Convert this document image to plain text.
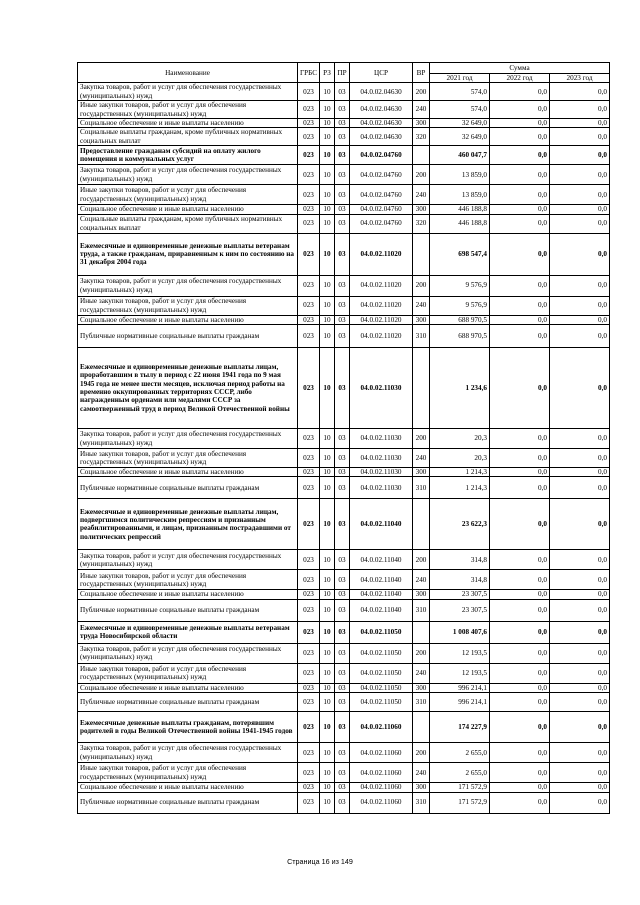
Наименование	ГРБС	РЗ	ПР	ЦСР	ВР	Сумма		
						2021 год	2022 год	2023 год
Закупка товаров, работ и услуг для обеспечения государственных (муниципальных) нужд	023	10	03	04.0.02.04630	200	574,0	0,0	0,0
Иные закупки товаров, работ и услуг для обеспечения государственных (муниципальных) нужд	023	10	03	04.0.02.04630	240	574,0	0,0	0,0
Социальное обеспечение и иные выплаты населению	023	10	03	04.0.02.04630	300	32 649,0	0,0	0,0
Социальные выплаты гражданам, кроме публичных нормативных социальных выплат	023	10	03	04.0.02.04630	320	32 649,0	0,0	0,0
Предоставление гражданам субсидий на оплату жилого помещения и коммунальных услуг	023	10	03	04.0.02.04760		460 047,7	0,0	0,0
Закупка товаров, работ и услуг для обеспечения государственных (муниципальных) нужд	023	10	03	04.0.02.04760	200	13 859,0	0,0	0,0
Иные закупки товаров, работ и услуг для обеспечения государственных (муниципальных) нужд	023	10	03	04.0.02.04760	240	13 859,0	0,0	0,0
Социальное обеспечение и иные выплаты населению	023	10	03	04.0.02.04760	300	446 188,8	0,0	0,0
Социальные выплаты гражданам, кроме публичных нормативных социальных выплат	023	10	03	04.0.02.04760	320	446 188,8	0,0	0,0
Ежемесячные и единовременные денежные выплаты ветеранам труда, а также гражданам, приравненным к ним по состоянию на 31 декабря 2004 года	023	10	03	04.0.02.11020		698 547,4	0,0	0,0
Закупка товаров, работ и услуг для обеспечения государственных (муниципальных) нужд	023	10	03	04.0.02.11020	200	9 576,9	0,0	0,0
Иные закупки товаров, работ и услуг для обеспечения государственных (муниципальных) нужд	023	10	03	04.0.02.11020	240	9 576,9	0,0	0,0
Социальное обеспечение и иные выплаты населению	023	10	03	04.0.02.11020	300	688 970,5	0,0	0,0
Публичные нормативные социальные выплаты гражданам	023	10	03	04.0.02.11020	310	688 970,5	0,0	0,0
Ежемесячные и единовременные денежные выплаты лицам, проработавшим в тылу в период с 22 июня 1941 года по 9 мая 1945 года не менее шести месяцев, исключая период работы на временно оккупированных территориях СССР, либо награжденным орденами или медалями СССР за самоотверженный труд в период Великой Отечественной войны	023	10	03	04.0.02.11030		1 234,6	0,0	0,0
Закупка товаров, работ и услуг для обеспечения государственных (муниципальных) нужд	023	10	03	04.0.02.11030	200	20,3	0,0	0,0
Иные закупки товаров, работ и услуг для обеспечения государственных (муниципальных) нужд	023	10	03	04.0.02.11030	240	20,3	0,0	0,0
Социальное обеспечение и иные выплаты населению	023	10	03	04.0.02.11030	300	1 214,3	0,0	0,0
Публичные нормативные социальные выплаты гражданам	023	10	03	04.0.02.11030	310	1 214,3	0,0	0,0
Ежемесячные и единовременные денежные выплаты лицам, подвергшимся политическим репрессиям и признанным реабилитированными, и лицам, признанным пострадавшими от политических репрессий	023	10	03	04.0.02.11040		23 622,3	0,0	0,0
Закупка товаров, работ и услуг для обеспечения государственных (муниципальных) нужд	023	10	03	04.0.02.11040	200	314,8	0,0	0,0
Иные закупки товаров, работ и услуг для обеспечения государственных (муниципальных) нужд	023	10	03	04.0.02.11040	240	314,8	0,0	0,0
Социальное обеспечение и иные выплаты населению	023	10	03	04.0.02.11040	300	23 307,5	0,0	0,0
Публичные нормативные социальные выплаты гражданам	023	10	03	04.0.02.11040	310	23 307,5	0,0	0,0
Ежемесячные и единовременные денежные выплаты ветеранам труда Новосибирской области	023	10	03	04.0.02.11050		1 008 407,6	0,0	0,0
Закупка товаров, работ и услуг для обеспечения государственных (муниципальных) нужд	023	10	03	04.0.02.11050	200	12 193,5	0,0	0,0
Иные закупки товаров, работ и услуг для обеспечения государственных (муниципальных) нужд	023	10	03	04.0.02.11050	240	12 193,5	0,0	0,0
Социальное обеспечение и иные выплаты населению	023	10	03	04.0.02.11050	300	996 214,1	0,0	0,0
Публичные нормативные социальные выплаты гражданам	023	10	03	04.0.02.11050	310	996 214,1	0,0	0,0
Ежемесячные денежные выплаты гражданам, потерявшим родителей в годы Великой Отечественной войны 1941-1945 годов	023	10	03	04.0.02.11060		174 227,9	0,0	0,0
Закупка товаров, работ и услуг для обеспечения государственных (муниципальных) нужд	023	10	03	04.0.02.11060	200	2 655,0	0,0	0,0
Иные закупки товаров, работ и услуг для обеспечения государственных (муниципальных) нужд	023	10	03	04.0.02.11060	240	2 655,0	0,0	0,0
Социальное обеспечение и иные выплаты населению	023	10	03	04.0.02.11060	300	171 572,9	0,0	0,0
Публичные нормативные социальные выплаты гражданам	023	10	03	04.0.02.11060	310	171 572,9	0,0	0,0
Страница 16 из 149
